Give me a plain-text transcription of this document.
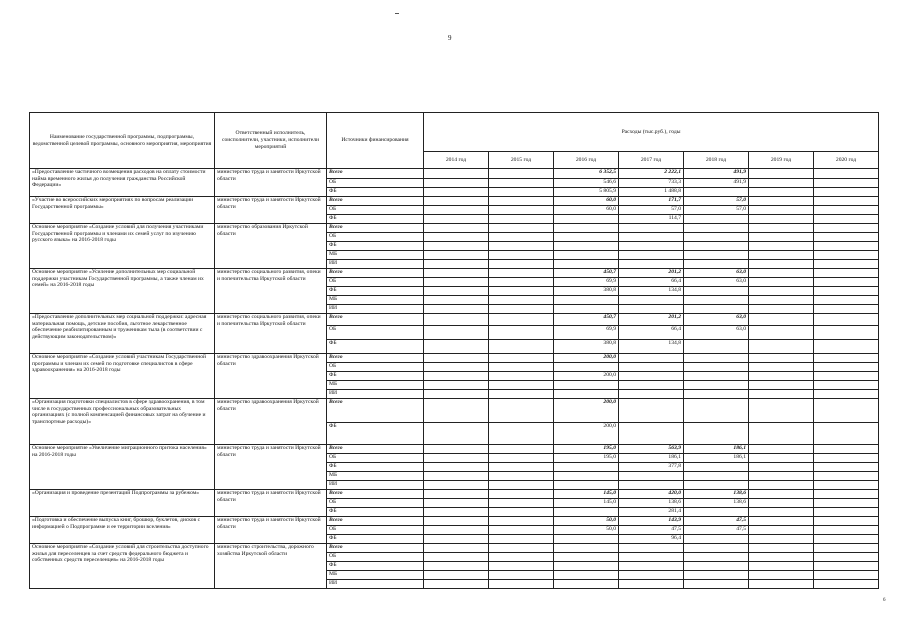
9
Наименование государственной программы, подпрограммы, ведомственной целевой программы, основного мероприятия, мероприятия	Ответственный исполнитель, соисполнители, участники, исполнители мероприятий	Источники финансирования	Расходы (тыс.руб.), годы						
			2014 год	2015 год	2016 год	2017 год	2018 год	2019 год	2020 год
«Предоставление частичного возмещения расходов на оплату стоимости найма временного жилья до получения гражданства Российской Федерации»	министерство труда и занятости Иркутской области	Всего			6 352,5	2 222,1	491,9		
		ОБ			546,6	733,3	491,9		
		ФБ			5 805,9	1 488,8			
«Участие во всероссийских мероприятиях по вопросам реализации Государственной программы»	министерство труда и занятости Иркутской области	Всего			60,0	171,7	57,0		
		ОБ			60,0	57,0	57,0		
		ФБ				114,7			
Основное мероприятие «Создание условий для получения участниками Государственной программы и членами их семей услуг по изучению русского языка» на 2016-2018 годы	министерство образования Иркутской области	Всего							
		ОБ							
		ФБ							
		МБ							
		ИИ							
Основное мероприятие «Усиление дополнительных мер социальной поддержки участникам Государственной программы, а также членам их семей» на 2016-2018 годы	министерство социального развития, опеки и попечительства Иркутской области	Всего			450,7	201,2	63,0		
		ОБ			69,9	66,4	63,0		
		ФБ			380,8	134,8			
		МБ							
		ИИ							
«Предоставление дополнительных мер социальной поддержки: адресная материальная помощь, детские пособия, льготное лекарственное обеспечение реабилитированным и труженикам тыла (в соответствии с действующим законодательством)»	министерство социального развития, опеки и попечительства Иркутской области	Всего			450,7	201,2	63,0		
		ОБ			69,9	66,4	63,0		
		ФБ			380,8	134,8			
Основное мероприятие «Создание условий участникам Государственной программы и членам их семей по подготовке специалистов в сфере здравоохранения» на 2016-2018 годы	министерство здравоохранения Иркутской области	Всего			200,0				
		ОБ							
		ФБ			200,0				
		МБ							
		ИИ							
«Организация подготовки специалистов в сфере здравоохранения, в том числе в государственных профессиональных образовательных организациях (с полной компенсацией финансовых затрат на обучение и транспортные расходы)»	министерство здравоохранения Иркутской области	Всего			200,0				
		ФБ			200,0				
Основное мероприятие «Увеличение миграционного притока населения» на 2016-2018 годы	министерство труда и занятости Иркутской области	Всего			195,0	563,9	186,1		
		ОБ			195,0	186,1	186,1		
		ФБ				377,8			
		МБ							
		ИИ							
«Организация и проведение презентаций Подпрограммы за рубежом»	министерство труда и занятости Иркутской области	Всего			145,0	420,0	138,6		
		ОБ			145,0	138,6	138,6		
		ФБ				281,4			
«Подготовка и обеспечение выпуска книг, брошюр, буклетов, дисков с информацией о Подпрограмме и ее территории вселения»	министерство труда и занятости Иркутской области	Всего			50,0	143,9	47,5		
		ОБ			50,0	47,5	47,5		
		ФБ				96,4			
Основное мероприятие «Создание условий для строительства доступного жилья для переселенцев за счет средств федерального бюджета и собственных средств переселенцев» на 2016-2018 годы	министерство строительства, дорожного хозяйства Иркутской области	Всего							
		ОБ							
		ФБ							
		МБ							
		ИИ							
6
